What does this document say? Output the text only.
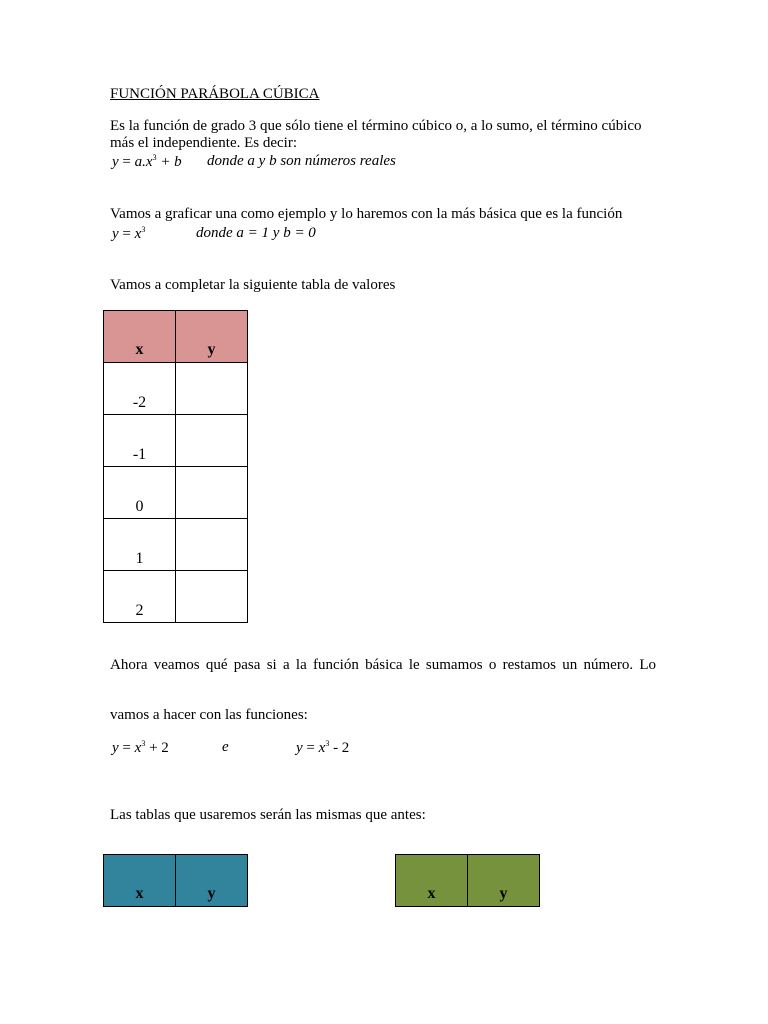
FUNCIÓN PARÁBOLA CÚBICA
Es la función de grado 3 que sólo tiene el término cúbico o, a lo sumo, el término cúbico
más el independiente. Es decir:
$y = a.x^3 + b$ donde a y b son números reales
Vamos a graficar una como ejemplo y lo haremos con la más básica que es la función
$y = x^3$	donde a = 1 y b = 0
Vamos a completar la siguiente tabla de valores
x	y
-2	
-1	
0	
1	
2	
Ahora veamos qué pasa si a la función básica le sumamos o restamos un número. Lo
vamos a hacer con las funciones:
$y = x^3 + 2$	e	$y = x^3 - 2$
Las tablas que usaremos serán las mismas que antes:
x	y	x	y
